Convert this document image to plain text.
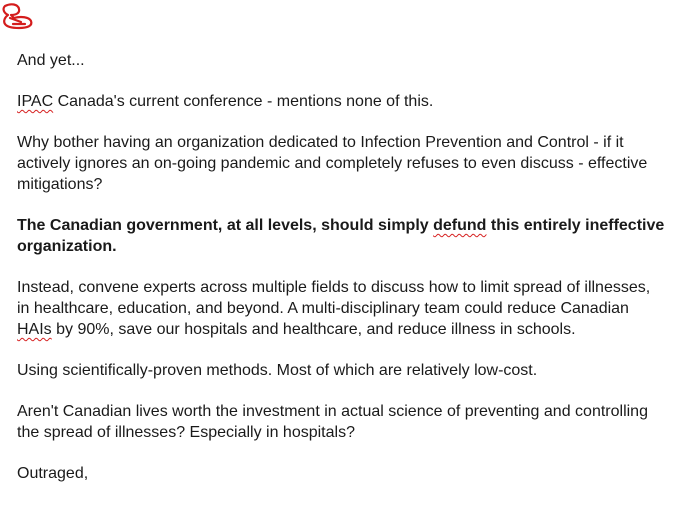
And yet...

IPAC Canada's current conference - mentions none of this.

Why bother having an organization dedicated to Infection Prevention and Control - if it actively ignores an on-going pandemic and completely refuses to even discuss - effective mitigations?

The Canadian government, at all levels, should simply defund this entirely ineffective organization.

Instead, convene experts across multiple fields to discuss how to limit spread of illnesses, in healthcare, education, and beyond. A multi-disciplinary team could reduce Canadian HAIs by 90%, save our hospitals and healthcare, and reduce illness in schools.

Using scientifically-proven methods. Most of which are relatively low-cost.

Aren't Canadian lives worth the investment in actual science of preventing and controlling the spread of illnesses? Especially in hospitals?

Outraged,
